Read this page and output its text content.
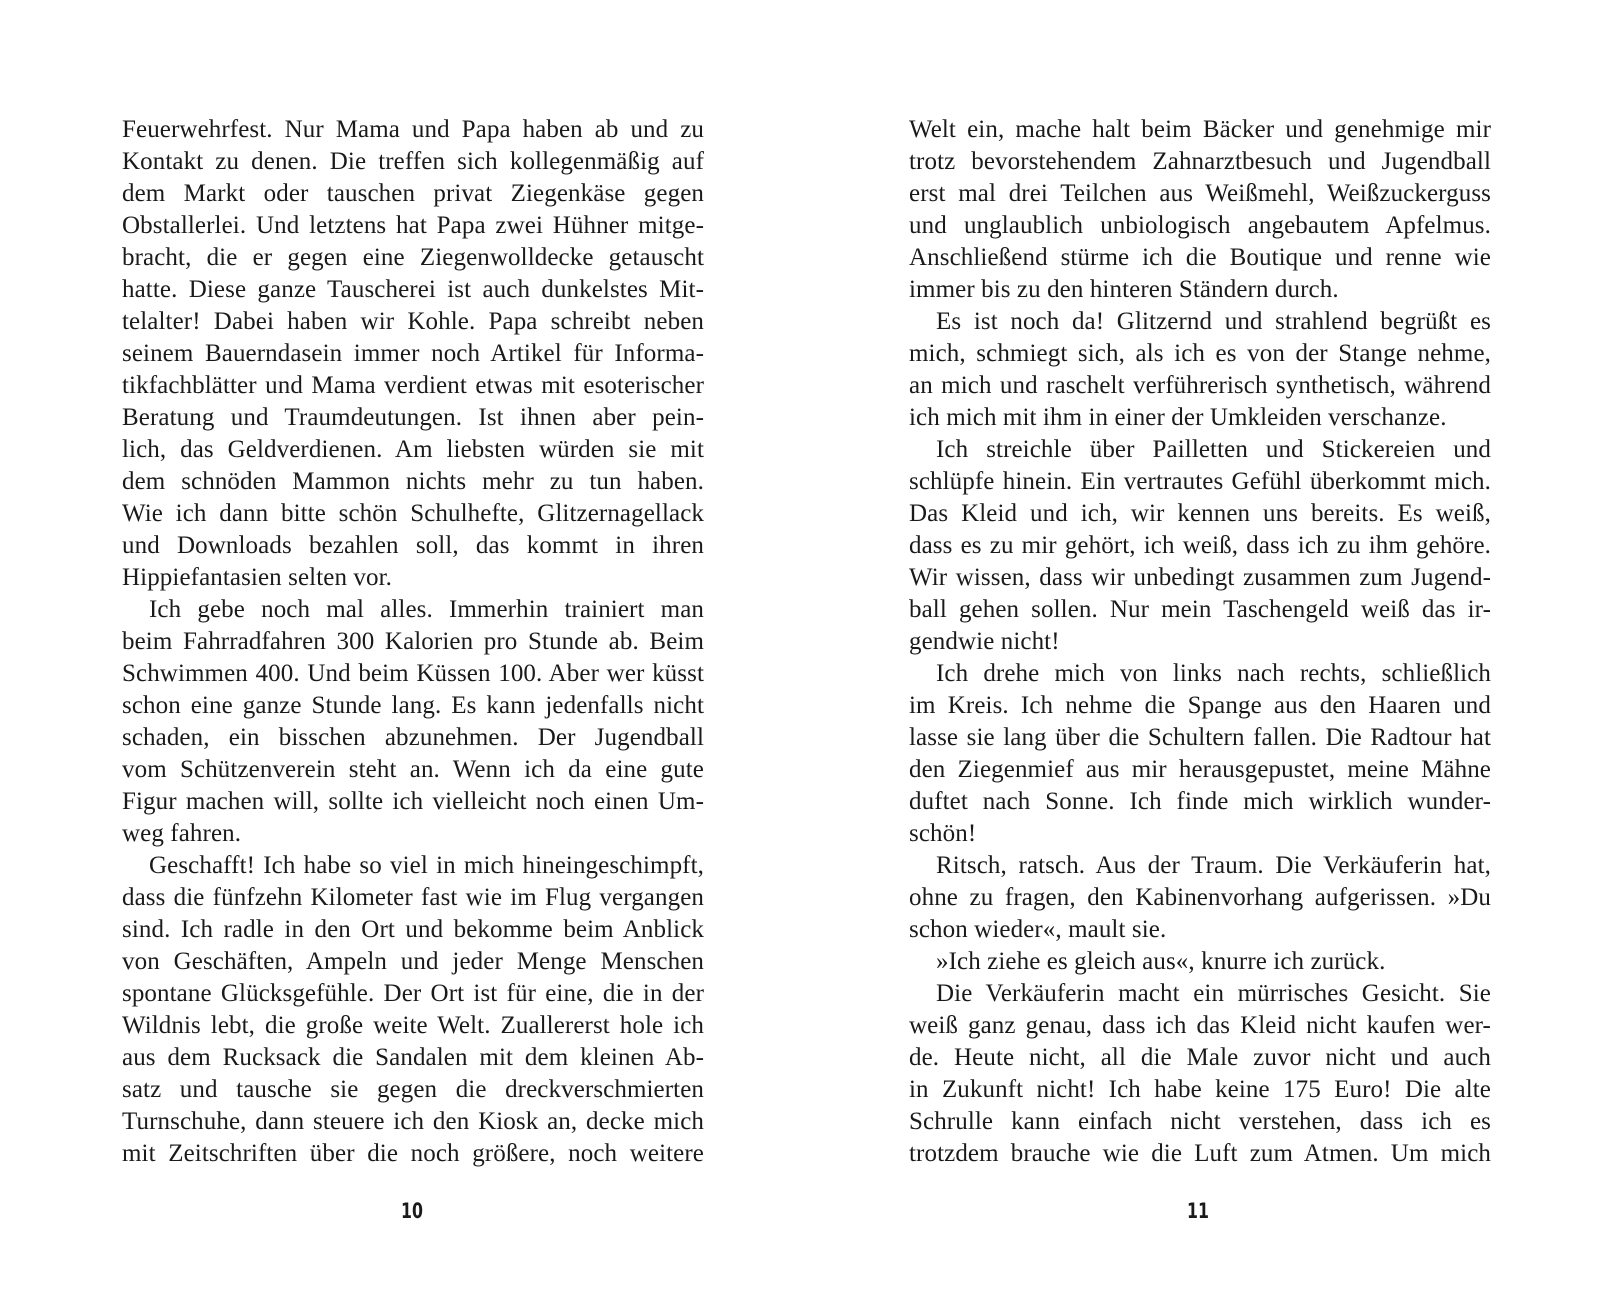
Feuerwehrfest. Nur Mama und Papa haben ab und zu
Kontakt zu denen. Die treffen sich kollegenmäßig auf
dem Markt oder tauschen privat Ziegenkäse gegen
Obstallerlei. Und letztens hat Papa zwei Hühner mitge-
bracht, die er gegen eine Ziegenwolldecke getauscht
hatte. Diese ganze Tauscherei ist auch dunkelstes Mit-
telalter! Dabei haben wir Kohle. Papa schreibt neben
seinem Bauerndasein immer noch Artikel für Informa-
tikfachblätter und Mama verdient etwas mit esoterischer
Beratung und Traumdeutungen. Ist ihnen aber pein-
lich, das Geldverdienen. Am liebsten würden sie mit
dem schnöden Mammon nichts mehr zu tun haben.
Wie ich dann bitte schön Schulhefte, Glitzernagellack
und Downloads bezahlen soll, das kommt in ihren
Hippiefantasien selten vor.
Ich gebe noch mal alles. Immerhin trainiert man
beim Fahrradfahren 300 Kalorien pro Stunde ab. Beim
Schwimmen 400. Und beim Küssen 100. Aber wer küsst
schon eine ganze Stunde lang. Es kann jedenfalls nicht
schaden, ein bisschen abzunehmen. Der Jugendball
vom Schützenverein steht an. Wenn ich da eine gute
Figur machen will, sollte ich vielleicht noch einen Um-
weg fahren.
Geschafft! Ich habe so viel in mich hineingeschimpft,
dass die fünfzehn Kilometer fast wie im Flug vergangen
sind. Ich radle in den Ort und bekomme beim Anblick
von Geschäften, Ampeln und jeder Menge Menschen
spontane Glücksgefühle. Der Ort ist für eine, die in der
Wildnis lebt, die große weite Welt. Zuallererst hole ich
aus dem Rucksack die Sandalen mit dem kleinen Ab-
satz und tausche sie gegen die dreckverschmierten
Turnschuhe, dann steuere ich den Kiosk an, decke mich
mit Zeitschriften über die noch größere, noch weitere
10
Welt ein, mache halt beim Bäcker und genehmige mir
trotz bevorstehendem Zahnarztbesuch und Jugendball
erst mal drei Teilchen aus Weißmehl, Weißzuckerguss
und unglaublich unbiologisch angebautem Apfelmus.
Anschließend stürme ich die Boutique und renne wie
immer bis zu den hinteren Ständern durch.
Es ist noch da! Glitzernd und strahlend begrüßt es
mich, schmiegt sich, als ich es von der Stange nehme,
an mich und raschelt verführerisch synthetisch, während
ich mich mit ihm in einer der Umkleiden verschanze.
Ich streichle über Pailletten und Stickereien und
schlüpfe hinein. Ein vertrautes Gefühl überkommt mich.
Das Kleid und ich, wir kennen uns bereits. Es weiß,
dass es zu mir gehört, ich weiß, dass ich zu ihm gehöre.
Wir wissen, dass wir unbedingt zusammen zum Jugend-
ball gehen sollen. Nur mein Taschengeld weiß das ir-
gendwie nicht!
Ich drehe mich von links nach rechts, schließlich
im Kreis. Ich nehme die Spange aus den Haaren und
lasse sie lang über die Schultern fallen. Die Radtour hat
den Ziegenmief aus mir herausgepustet, meine Mähne
duftet nach Sonne. Ich finde mich wirklich wunder-
schön!
Ritsch, ratsch. Aus der Traum. Die Verkäuferin hat,
ohne zu fragen, den Kabinenvorhang aufgerissen. »Du
schon wieder«, mault sie.
»Ich ziehe es gleich aus«, knurre ich zurück.
Die Verkäuferin macht ein mürrisches Gesicht. Sie
weiß ganz genau, dass ich das Kleid nicht kaufen wer-
de. Heute nicht, all die Male zuvor nicht und auch
in Zukunft nicht! Ich habe keine 175 Euro! Die alte
Schrulle kann einfach nicht verstehen, dass ich es
trotzdem brauche wie die Luft zum Atmen. Um mich
11
